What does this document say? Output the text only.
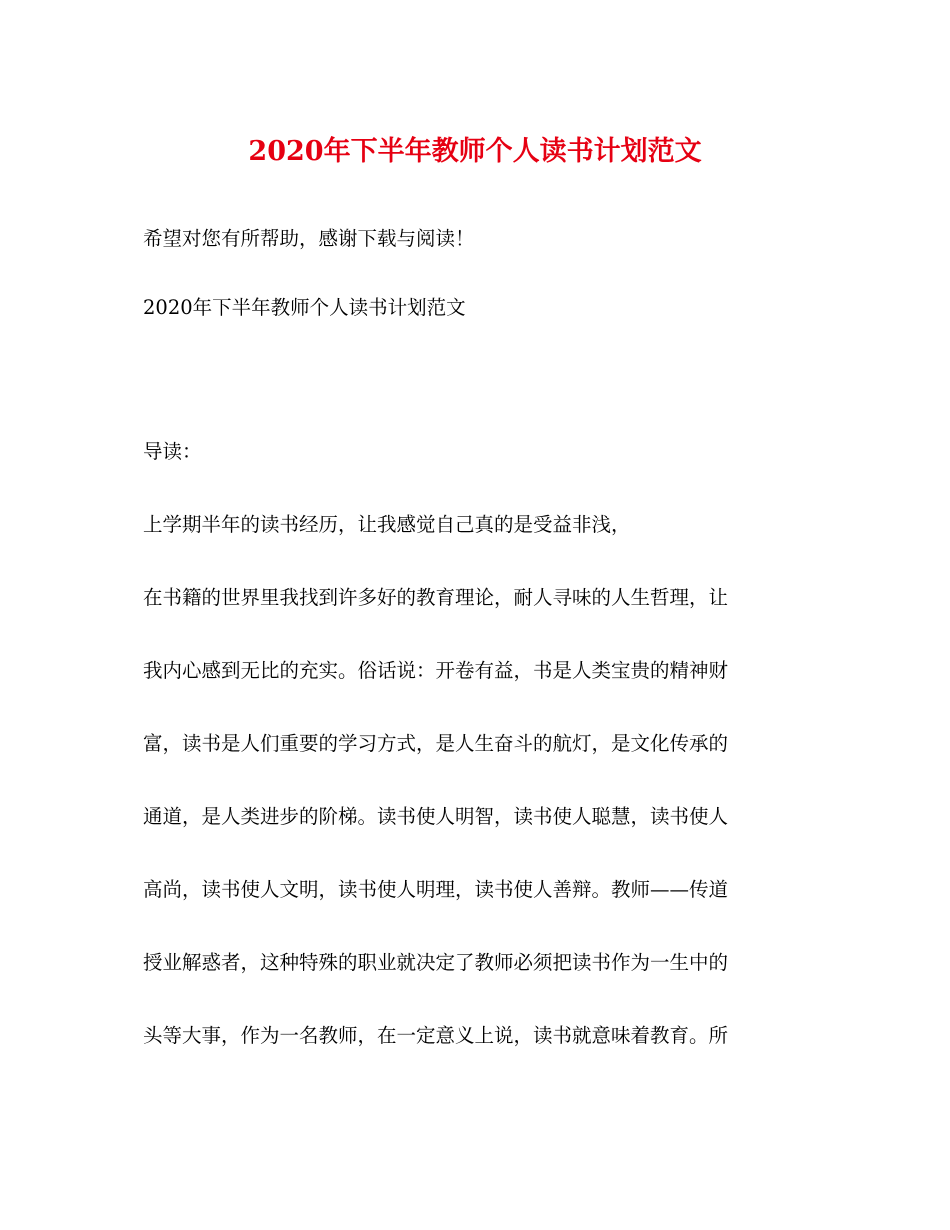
2020年下半年教师个人读书计划范文

希望对您有所帮助，感谢下载与阅读！

2020年下半年教师个人读书计划范文

导读：

上学期半年的读书经历，让我感觉自己真的是受益非浅，

在书籍的世界里我找到许多好的教育理论，耐人寻味的人生哲理，让

我内心感到无比的充实。俗话说：开卷有益，书是人类宝贵的精神财

富，读书是人们重要的学习方式，是人生奋斗的航灯，是文化传承的

通道，是人类进步的阶梯。读书使人明智，读书使人聪慧，读书使人

高尚，读书使人文明，读书使人明理，读书使人善辩。教师——传道

授业解惑者，这种特殊的职业就决定了教师必须把读书作为一生中的

头等大事，作为一名教师，在一定意义上说，读书就意味着教育。所
